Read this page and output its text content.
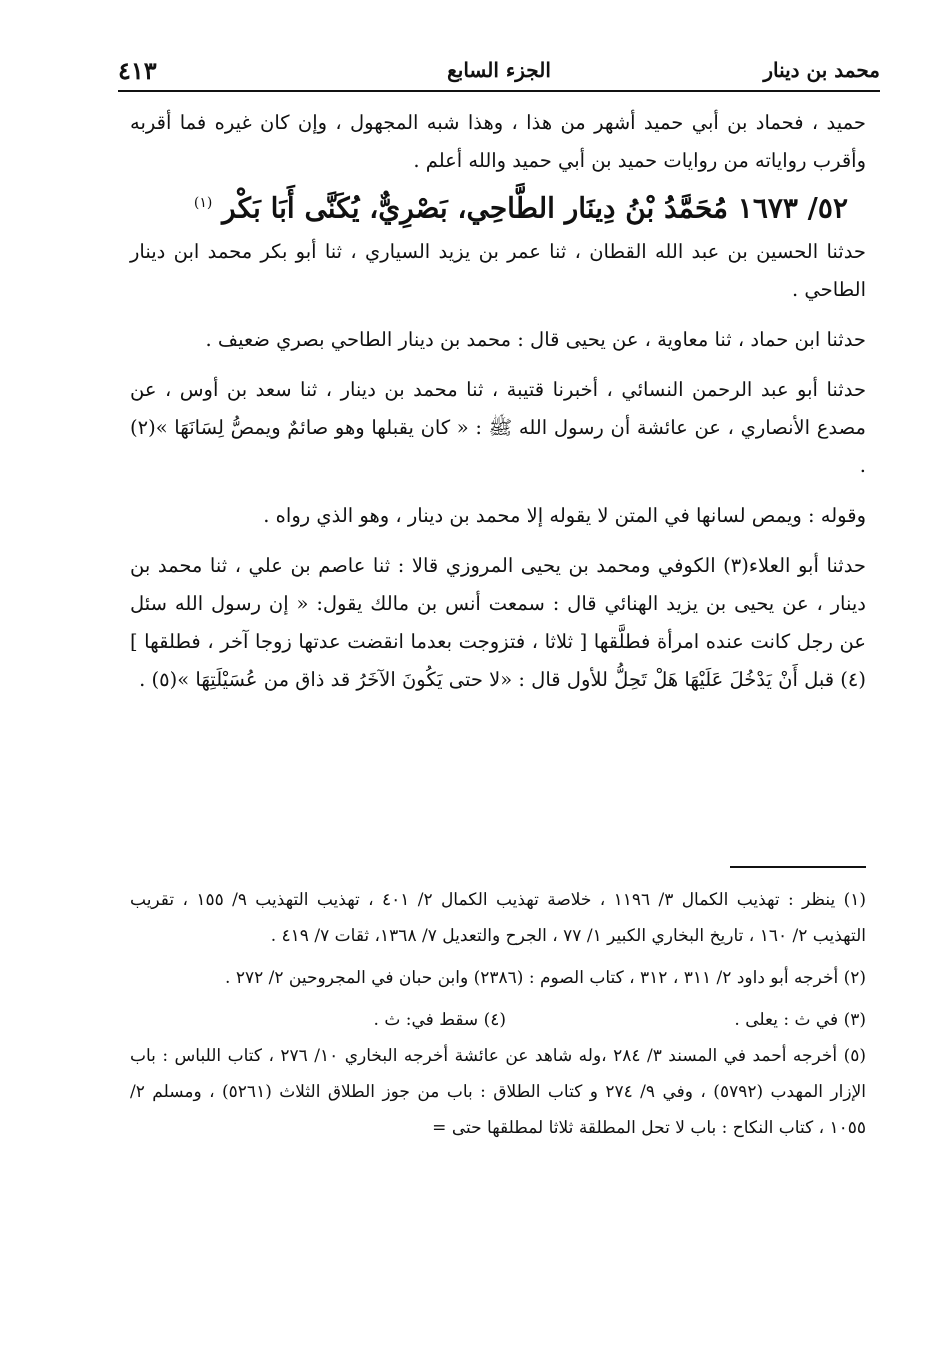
محمد بن دينار
الجزء السابع
٤١٣

حميد ، فحماد بن أبي حميد أشهر من هذا ، وهذا شبه المجهول ، وإن كان غيره فما أقربه وأقرب رواياته من روايات حميد بن أبي حميد والله أعلم .

٥٢/ ١٦٧٣ مُحَمَّدُ بْنُ دِينَار الطَّاحِي، بَصْرِيٌّ، يُكَنَّى أَبَا بَكْر $^{(١)}$

حدثنا الحسين بن عبد الله القطان ، ثنا عمر بن يزيد السياري ، ثنا أبو بكر محمد ابن دينار الطاحي .

حدثنا ابن حماد ، ثنا معاوية ، عن يحيى قال : محمد بن دينار الطاحي بصري ضعيف .

حدثنا أبو عبد الرحمن النسائي ، أخبرنا قتيبة ، ثنا محمد بن دينار ، ثنا سعد بن أوس ، عن مصدع الأنصاري ، عن عائشة أن رسول الله ﷺ : « كان يقبلها وهو صائمٌ ويمصُّ لِسَانَهَا »(٢) .

وقوله : ويمص لسانها في المتن لا يقوله إلا محمد بن دينار ، وهو الذي رواه .

حدثنا أبو العلاء(٣) الكوفي ومحمد بن يحيى المروزي قالا : ثنا عاصم بن علي ، ثنا محمد بن دينار ، عن يحيى بن يزيد الهنائي قال : سمعت أنس بن مالك يقول: « إن رسول الله سئل عن رجل كانت عنده امرأة فطلَّقها [ ثلاثا ، فتزوجت بعدما انقضت عدتها زوجا آخر ، فطلقها ](٤) قبل أَنْ يَدْخُلَ عَلَيْهَا هَلْ تَحِلُّ للأول قال : «لا حتى يَكُونَ الآخَرُ قد ذاق من عُسَيْلَتِهَا »(٥) .

(١) ينظر : تهذيب الكمال ٣/ ١١٩٦ ، خلاصة تهذيب الكمال ٢/ ٤٠١ ، تهذيب التهذيب ٩/ ١٥٥ ، تقريب التهذيب ٢/ ١٦٠ ، تاريخ البخاري الكبير ١/ ٧٧ ، الجرح والتعديل ٧/ ١٣٦٨، ثقات ٧/ ٤١٩ .

(٢) أخرجه أبو داود ٢/ ٣١١ ، ٣١٢ ، كتاب الصوم : (٢٣٨٦) وابن حبان في المجروحين ٢/ ٢٧٢ .

(٣) في ث : يعلى .
(٤) سقط في: ث .

(٥) أخرجه أحمد في المسند ٣/ ٢٨٤ ،وله شاهد عن عائشة أخرجه البخاري ١٠/ ٢٧٦ ، كتاب اللباس : باب الإزار المهدب (٥٧٩٢) ، وفي ٩/ ٢٧٤ و كتاب الطلاق : باب من جوز الطلاق الثلاث (٥٢٦١) ، ومسلم ٢/ ١٠٥٥ ، كتاب النكاح : باب لا تحل المطلقة ثلاثا لمطلقها حتى =
